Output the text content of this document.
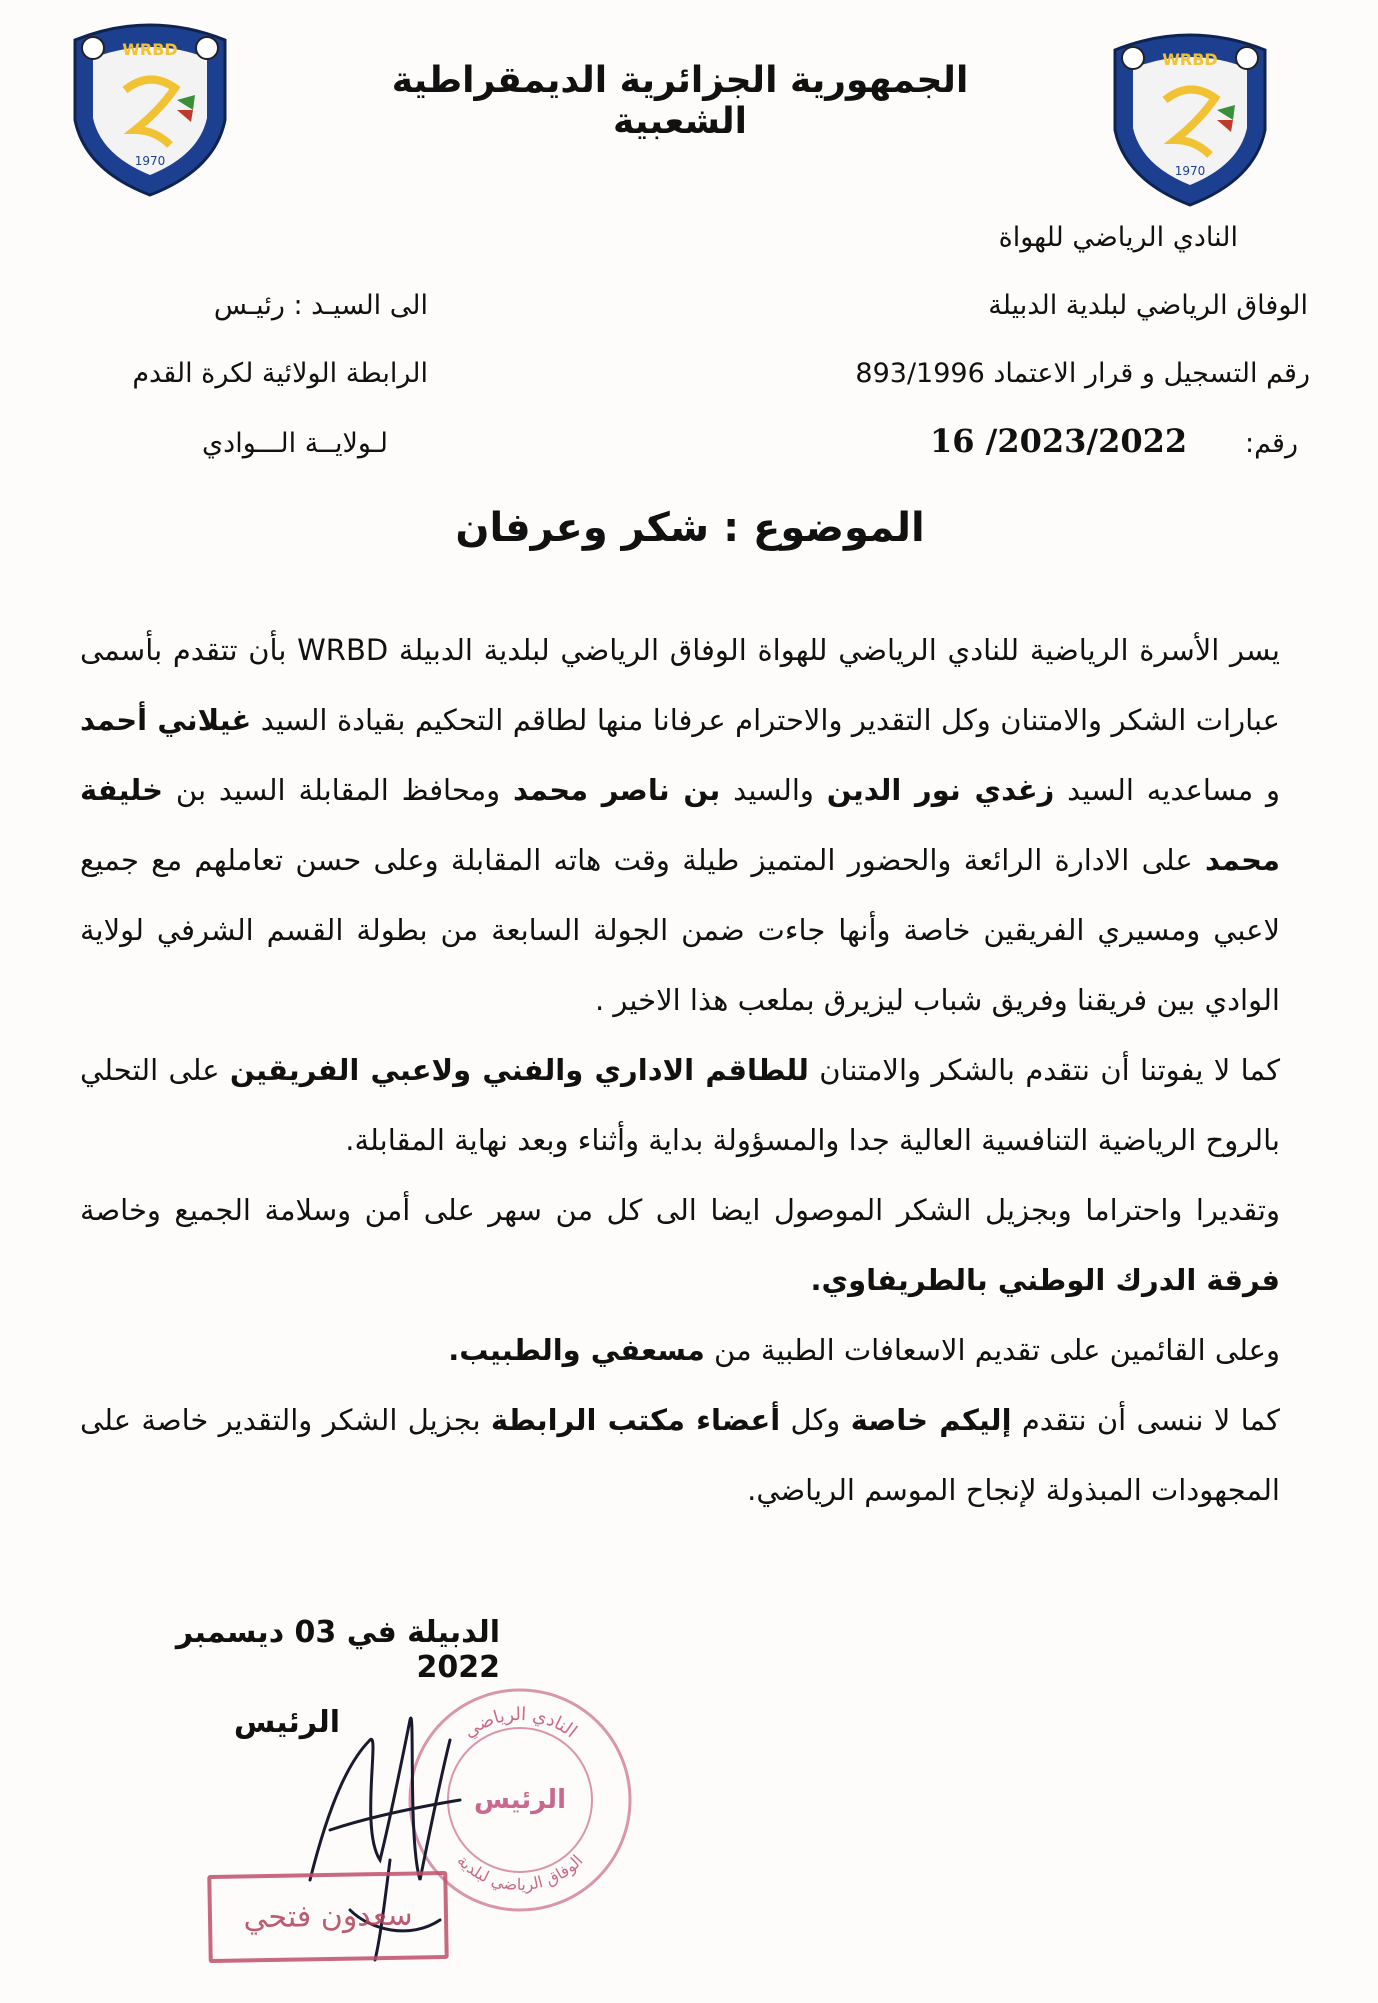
WRBD
1970
WRBD
1970
الجمهورية الجزائرية الديمقراطية الشعبية
النادي الرياضي للهواة
الوفاق الرياضي لبلدية الدبيلة
رقم التسجيل و قرار الاعتماد 893/1996
رقم:
16 /2023/2022
الى السيـد : رئيـس
الرابطة الولائية لكرة القدم
لـولايــة الـــوادي
الموضوع : شكر وعرفان

يسر الأسرة الرياضية للنادي الرياضي للهواة الوفاق الرياضي لبلدية الدبيلة WRBD بأن تتقدم بأسمى عبارات الشكر والامتنان وكل التقدير والاحترام عرفانا منها لطاقم التحكيم بقيادة السيد غيلاني أحمد و مساعديه السيد زغدي نور الدين والسيد بن ناصر محمد ومحافظ المقابلة السيد بن خليفة محمد على الادارة الرائعة والحضور المتميز طيلة وقت هاته المقابلة وعلى حسن تعاملهم مع جميع لاعبي ومسيري الفريقين خاصة وأنها جاءت ضمن الجولة السابعة من بطولة القسم الشرفي لولاية الوادي بين فريقنا وفريق شباب ليزيرق بملعب هذا الاخير .

كما لا يفوتنا أن نتقدم بالشكر والامتنان للطاقم الاداري والفني ولاعبي الفريقين على التحلي بالروح الرياضية التنافسية العالية جدا والمسؤولة بداية وأثناء وبعد نهاية المقابلة.

وتقديرا واحتراما وبجزيل الشكر الموصول ايضا الى كل من سهر على أمن وسلامة الجميع وخاصة فرقة الدرك الوطني بالطريفاوي.

وعلى القائمين على تقديم الاسعافات الطبية من مسعفي والطبيب.

كما لا ننسى أن نتقدم إليكم خاصة وكل أعضاء مكتب الرابطة بجزيل الشكر والتقدير خاصة على المجهودات المبذولة لإنجاح الموسم الرياضي.

الدبيلة في 03 ديسمبر 2022
الرئيس	النادي الرياضي
الوفاق الرياضي لبلدية
الرئيس
سعدون فتحي
